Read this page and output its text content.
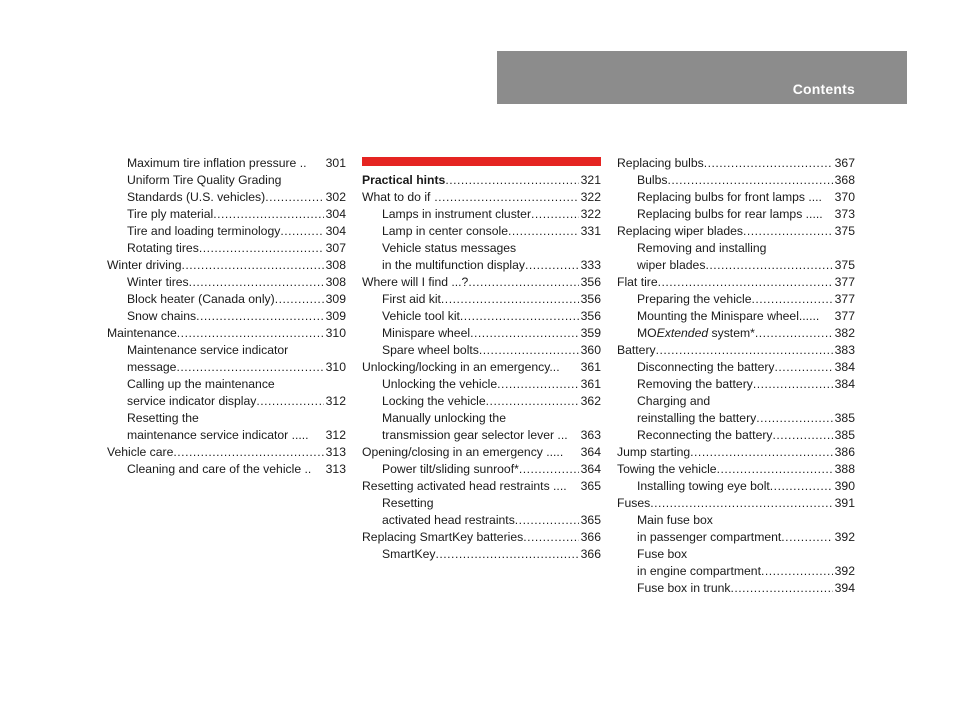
Contents
Maximum tire inflation pressure .. 301
Uniform Tire Quality Grading
Standards (U.S. vehicles) .....	302
Tire ply material .....	304
Tire and loading terminology .....	304
Rotating tires .....	307
Winter driving .....	308
Winter tires .....	308
Block heater (Canada only) .....	309
Snow chains .....	309
Maintenance .....	310
Maintenance service indicator
message .....	310
Calling up the maintenance
service indicator display .....	312
Resetting the
maintenance service indicator ..... 312
Vehicle care .....	313
Cleaning and care of the vehicle .. 313
Practical hints .....	321
What to do if … .....	322
Lamps in instrument cluster .....	322
Lamp in center console .....	331
Vehicle status messages
in the multifunction display .....	333
Where will I find ...? .....	356
First aid kit .....	356
Vehicle tool kit .....	356
Minispare wheel .....	359
Spare wheel bolts .....	360
Unlocking/locking in an emergency... 361
Unlocking the vehicle .....	361
Locking the vehicle .....	362
Manually unlocking the
transmission gear selector lever ... 363
Opening/closing in an emergency ..... 364
Power tilt/sliding sunroof* .....	364
Resetting activated head restraints .... 365
Resetting
activated head restraints .....	365
Replacing SmartKey batteries .....	366
SmartKey .....	366
Replacing bulbs .....	367
Bulbs .....	368
Replacing bulbs for front lamps .... 370
Replacing bulbs for rear lamps ..... 373
Replacing wiper blades .....	375
Removing and installing
wiper blades .....	375
Flat tire .....	377
Preparing the vehicle .....	377
Mounting the Minispare wheel...... 377
MOExtended system* .....	382
Battery .....	383
Disconnecting the battery .....	384
Removing the battery .....	384
Charging and
reinstalling the battery .....	385
Reconnecting the battery .....	385
Jump starting .....	386
Towing the vehicle .....	388
Installing towing eye bolt .....	390
Fuses .....	391
Main fuse box
in passenger compartment .....	392
Fuse box
in engine compartment .....	392
Fuse box in trunk .....	394
